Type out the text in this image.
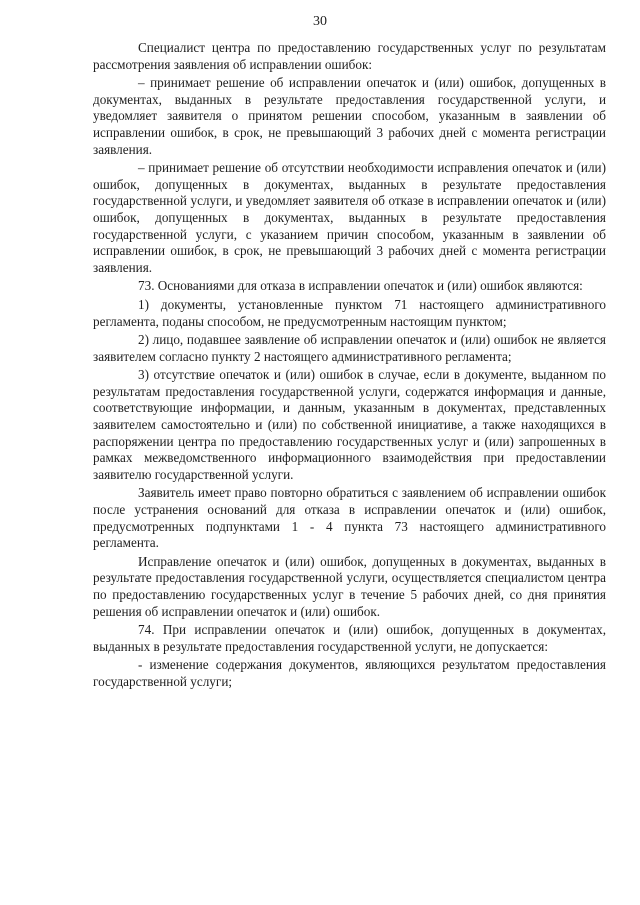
30

Специалист центра по предоставлению государственных услуг по результатам рассмотрения заявления об исправлении ошибок:

– принимает решение об исправлении опечаток и (или) ошибок, допущенных в документах, выданных в результате предоставления государственной услуги, и уведомляет заявителя о принятом решении способом, указанным в заявлении об исправлении ошибок, в срок, не превышающий 3 рабочих дней с момента регистрации заявления.

– принимает решение об отсутствии необходимости исправления опечаток и (или) ошибок, допущенных в документах, выданных в результате предоставления государственной услуги, и уведомляет заявителя об отказе в исправлении опечаток и (или) ошибок, допущенных в документах, выданных в результате предоставления государственной услуги, с указанием причин способом, указанным в заявлении об исправлении ошибок, в срок, не превышающий 3 рабочих дней с момента регистрации заявления.

73. Основаниями для отказа в исправлении опечаток и (или) ошибок являются:

1) документы, установленные пунктом 71 настоящего административного регламента, поданы способом, не предусмотренным настоящим пунктом;

2) лицо, подавшее заявление об исправлении опечаток и (или) ошибок не является заявителем согласно пункту 2 настоящего административного регламента;

3) отсутствие опечаток и (или) ошибок в случае, если в документе, выданном по результатам предоставления государственной услуги, содержатся информация и данные, соответствующие информации, и данным, указанным в документах, представленных заявителем самостоятельно и (или) по собственной инициативе, а также находящихся в распоряжении центра по предоставлению государственных услуг и (или) запрошенных в рамках межведомственного информационного взаимодействия при предоставлении заявителю государственной услуги.

Заявитель имеет право повторно обратиться с заявлением об исправлении ошибок после устранения оснований для отказа в исправлении опечаток и (или) ошибок, предусмотренных подпунктами 1 - 4 пункта 73 настоящего административного регламента.

Исправление опечаток и (или) ошибок, допущенных в документах, выданных в результате предоставления государственной услуги, осуществляется специалистом центра по предоставлению государственных услуг в течение 5 рабочих дней, со дня принятия решения об исправлении опечаток и (или) ошибок.

74. При исправлении опечаток и (или) ошибок, допущенных в документах, выданных в результате предоставления государственной услуги, не допускается:

- изменение содержания документов, являющихся результатом предоставления государственной услуги;
